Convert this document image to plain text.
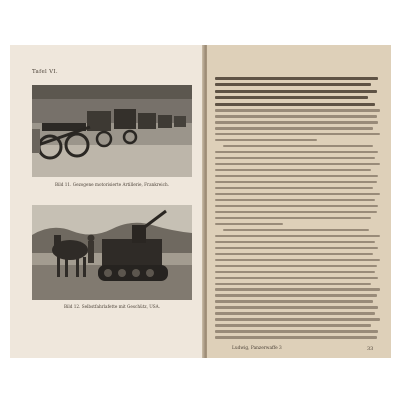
Tafel VI.
Bild 11. Gezogene motorisierte Artillerie, Frankreich.
Bild 12. Selbstfahrlafette mit Geschütz, USA.
Ludwig, Panzerwaffe 3	33
